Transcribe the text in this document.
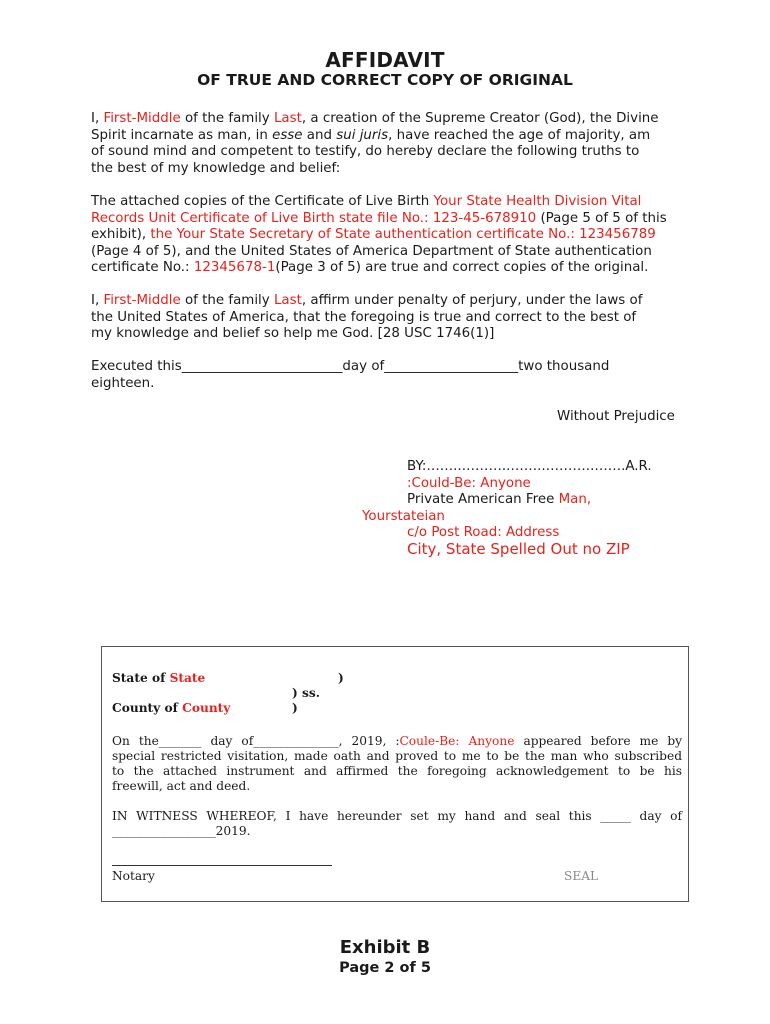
AFFIDAVIT
OF TRUE AND CORRECT COPY OF ORIGINAL
I, First-Middle of the family Last, a creation of the Supreme Creator (God), the Divine
Spirit incarnate as man, in esse and sui juris, have reached the age of majority, am
of sound mind and competent to testify, do hereby declare the following truths to
the best of my knowledge and belief:
The attached copies of the Certificate of Live Birth Your State Health Division Vital
Records Unit Certificate of Live Birth state file No.: 123-45-678910 (Page 5 of 5 of this
exhibit), the Your State Secretary of State authentication certificate No.: 123456789
(Page 4 of 5), and the United States of America Department of State authentication
certificate No.: 12345678-1(Page 3 of 5) are true and correct copies of the original.
I, First-Middle of the family Last, affirm under penalty of perjury, under the laws of
the United States of America, that the foregoing is true and correct to the best of
my knowledge and belief so help me God. [28 USC 1746(1)]
Executed this________________________day of____________________two thousand
eighteen.
Without Prejudice
BY:……..………..……..………..…….A.R.
:Could-Be: Anyone
Private American Free Man,
Yourstateian
c/o Post Road: Address
City, State Spelled Out no ZIP
State of State	)
) ss.
County of County	)
On the_______ day of______________, 2019, :Coule-Be: Anyone appeared before me by
special restricted visitation, made oath and proved to me to be the man who subscribed
to the attached instrument and affirmed the foregoing acknowledgement to be his
freewill, act and deed.
IN WITNESS WHEREOF, I have hereunder set my hand and seal this _____ day of
_________________2019.
Notary	SEAL
Exhibit B
Page 2 of 5
